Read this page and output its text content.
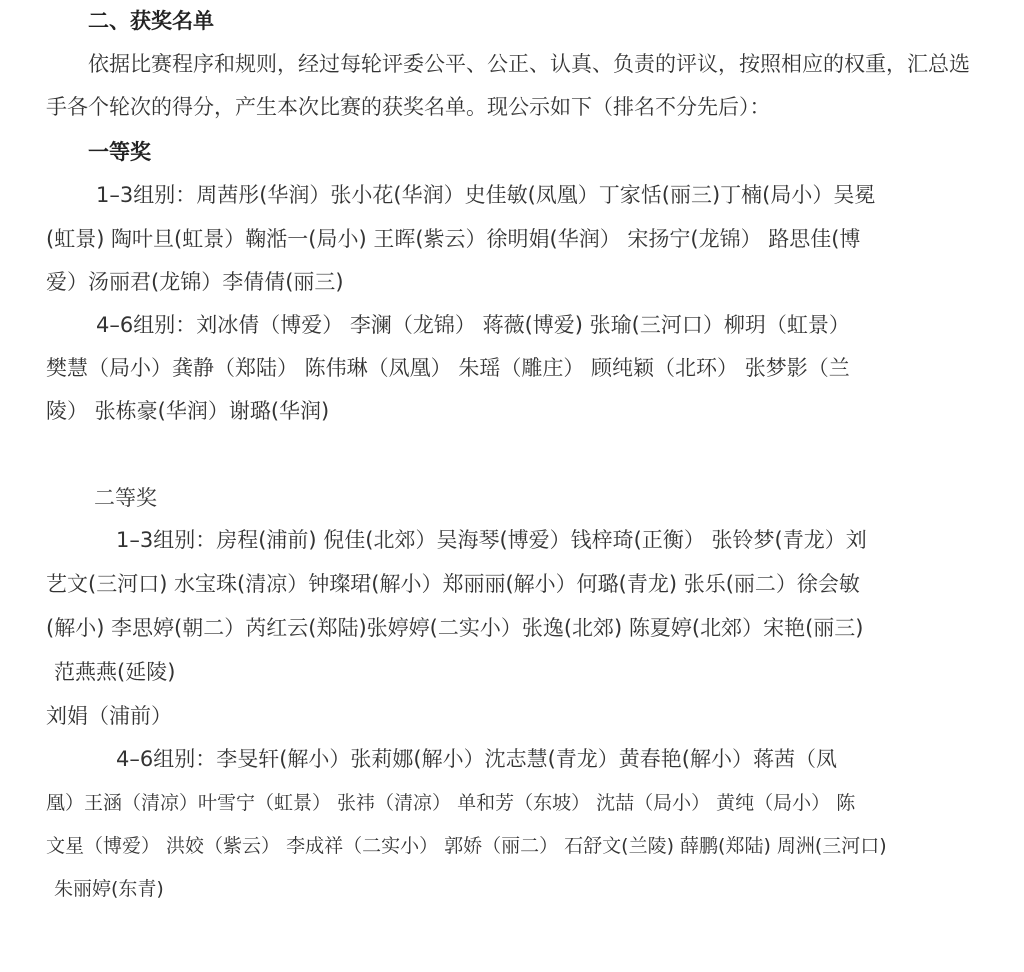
二、获奖名单
依据比赛程序和规则，经过每轮评委公平、公正、认真、负责的评议，按照相应的权重，汇总选
手各个轮次的得分，产生本次比赛的获奖名单。现公示如下（排名不分先后）：
一等奖
1–3组别：周茜彤(华润）张小花(华润）史佳敏(凤凰）丁家恬(丽三)丁楠(局小）吴冕
(虹景) 陶叶旦(虹景）鞠湉一(局小) 王晖(紫云）徐明娟(华润） 宋扬宁(龙锦） 路思佳(博
爱）汤丽君(龙锦）李倩倩(丽三)
4–6组别：刘冰倩（博爱） 李澜（龙锦） 蒋薇(博爱) 张瑜(三河口）柳玥（虹景）
樊慧（局小）龚静（郑陆） 陈伟琳（凤凰） 朱瑶（雕庄） 顾纯颖（北环） 张梦影（兰
陵） 张栋豪(华润）谢璐(华润)
二等奖
1–3组别：房程(浦前) 倪佳(北郊）吴海琴(博爱）钱梓琦(正衡） 张铃梦(青龙）刘
艺文(三河口) 水宝珠(清凉）钟璨珺(解小）郑丽丽(解小）何璐(青龙) 张乐(丽二）徐会敏
(解小) 李思婷(朝二）芮红云(郑陆)张婷婷(二实小）张逸(北郊) 陈夏婷(北郊）宋艳(丽三)
范燕燕(延陵)
刘娟（浦前）
4–6组别：李旻轩(解小）张莉娜(解小）沈志慧(青龙）黄春艳(解小）蒋茜（凤
凰）王涵（清凉）叶雪宁（虹景） 张祎（清凉） 单和芳（东坡） 沈喆（局小） 黄纯（局小） 陈
文星（博爱） 洪姣（紫云） 李成祥（二实小） 郭娇（丽二） 石舒文(兰陵) 薛鹏(郑陆) 周洲(三河口)
朱丽婷(东青)
